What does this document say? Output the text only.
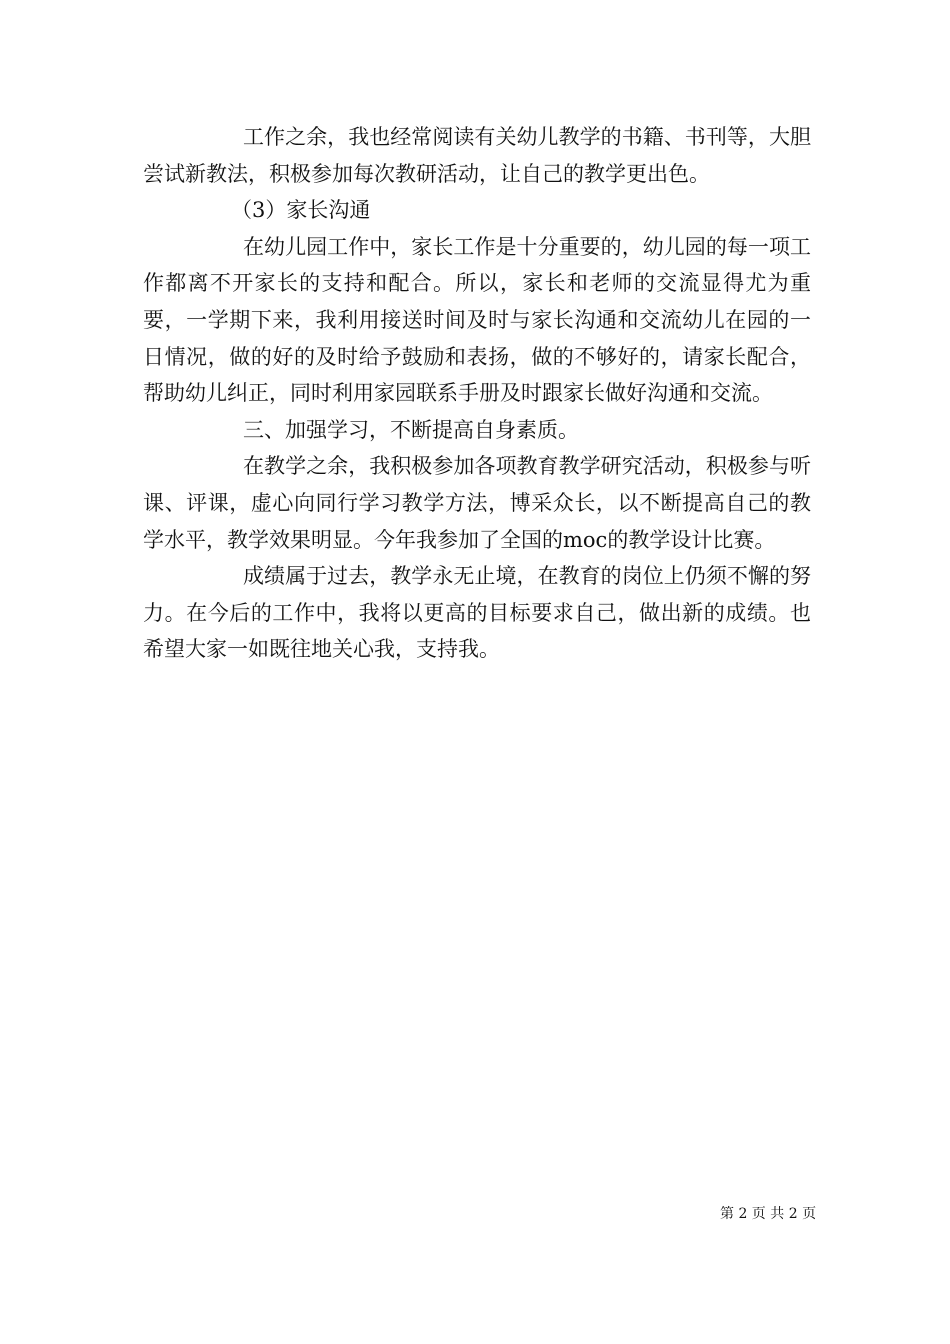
工作之余，我也经常阅读有关幼儿教学的书籍、书刊等，大胆尝试新教法，积极参加每次教研活动，让自己的教学更出色。

（3）家长沟通

在幼儿园工作中，家长工作是十分重要的，幼儿园的每一项工作都离不开家长的支持和配合。所以，家长和老师的交流显得尤为重要，一学期下来，我利用接送时间及时与家长沟通和交流幼儿在园的一日情况，做的好的及时给予鼓励和表扬，做的不够好的，请家长配合，帮助幼儿纠正，同时利用家园联系手册及时跟家长做好沟通和交流。

三、加强学习，不断提高自身素质。

在教学之余，我积极参加各项教育教学研究活动，积极参与听课、评课，虚心向同行学习教学方法，博采众长，以不断提高自己的教学水平，教学效果明显。今年我参加了全国的moc的教学设计比赛。

成绩属于过去，教学永无止境，在教育的岗位上仍须不懈的努力。在今后的工作中，我将以更高的目标要求自己，做出新的成绩。也希望大家一如既往地关心我，支持我。

第 2 页 共 2 页
